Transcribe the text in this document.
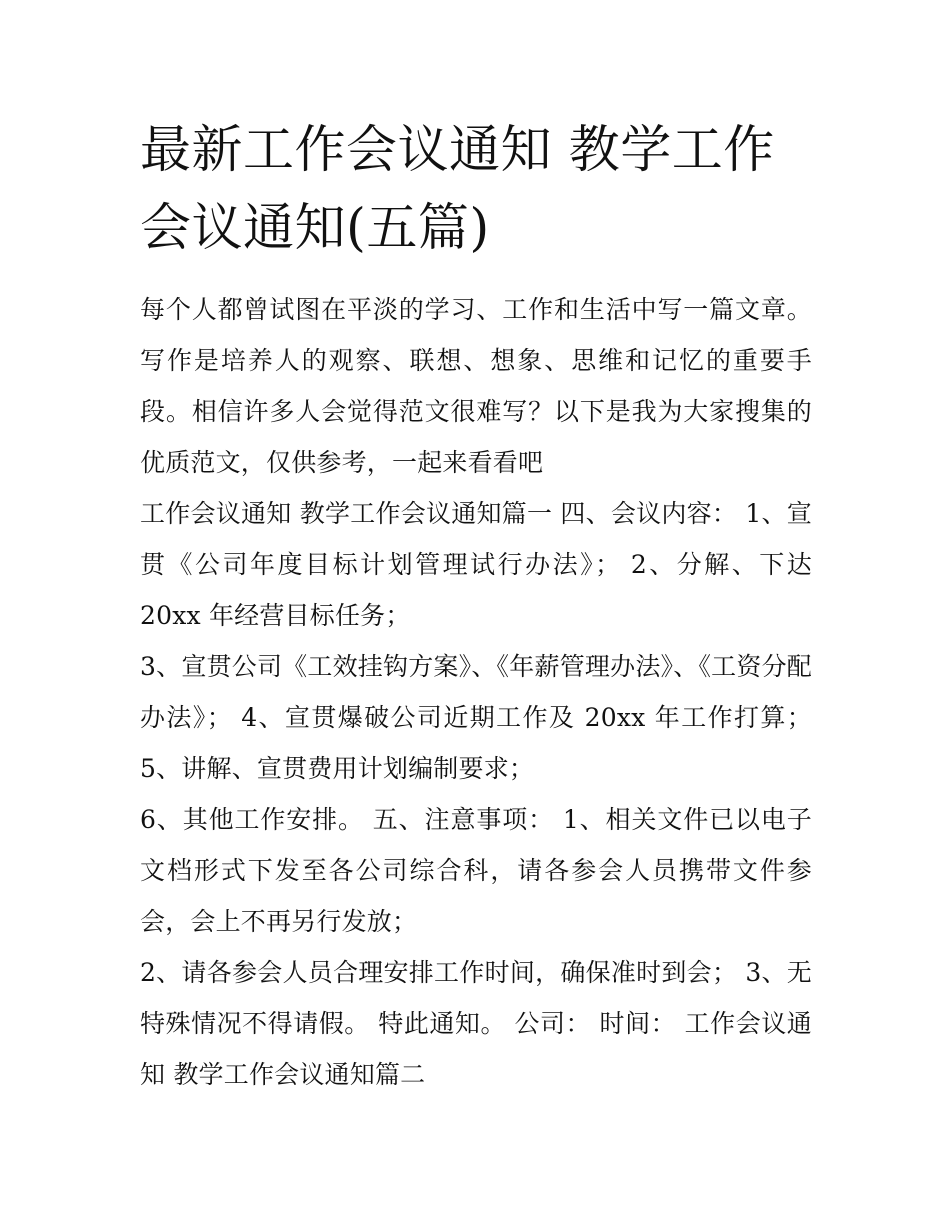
最新工作会议通知 教学工作会议通知(五篇)

每个人都曾试图在平淡的学习、工作和生活中写一篇文章。写作是培养人的观察、联想、想象、思维和记忆的重要手段。相信许多人会觉得范文很难写？以下是我为大家搜集的优质范文，仅供参考，一起来看看吧

工作会议通知 教学工作会议通知篇一 四、会议内容： 1、宣贯《公司年度目标计划管理试行办法》； 2、分解、下达 20xx 年经营目标任务；

3、宣贯公司《工效挂钩方案》、《年薪管理办法》、《工资分配办法》； 4、宣贯爆破公司近期工作及 20xx 年工作打算； 5、讲解、宣贯费用计划编制要求；

6、其他工作安排。 五、注意事项： 1、相关文件已以电子文档形式下发至各公司综合科，请各参会人员携带文件参会，会上不再另行发放；

2、请各参会人员合理安排工作时间，确保准时到会； 3、无特殊情况不得请假。 特此通知。 公司： 时间： 工作会议通知 教学工作会议通知篇二
